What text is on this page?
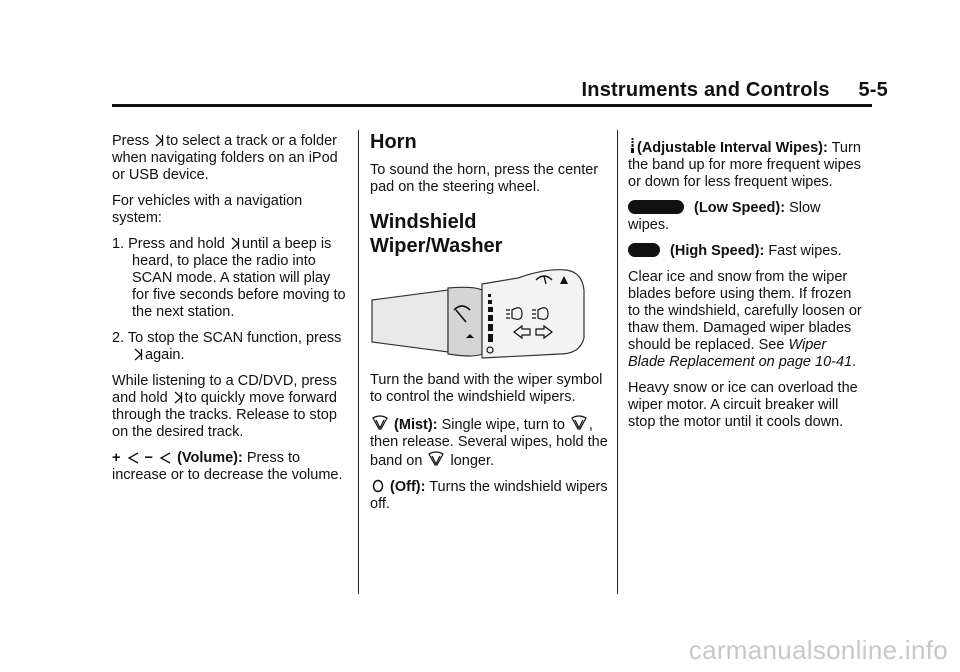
Instruments and Controls     5-5

Press to select a track or a folder when navigating folders on an iPod or USB device.

For vehicles with a navigation system:

1. Press and hold until a beep is heard, to place the radio into SCAN mode. A station will play for five seconds before moving to the next station.

2. To stop the SCAN function, press again.

While listening to a CD/DVD, press and hold to quickly move forward through the tracks. Release to stop on the desired track.

+ − (Volume): Press to increase or to decrease the volume.

Horn

To sound the horn, press the center pad on the steering wheel.

Windshield Wiper/Washer

Turn the band with the wiper symbol to control the windshield wipers.

(Mist): Single wipe, turn to , then release. Several wipes, hold the band on longer.

(Off): Turns the windshield wipers off.

(Adjustable Interval Wipes): Turn the band up for more frequent wipes or down for less frequent wipes.

(Low Speed): Slow wipes.

(High Speed): Fast wipes.

Clear ice and snow from the wiper blades before using them. If frozen to the windshield, carefully loosen or thaw them. Damaged wiper blades should be replaced. See Wiper Blade Replacement on page 10-41.

Heavy snow or ice can overload the wiper motor. A circuit breaker will stop the motor until it cools down.

carmanualsonline.info
